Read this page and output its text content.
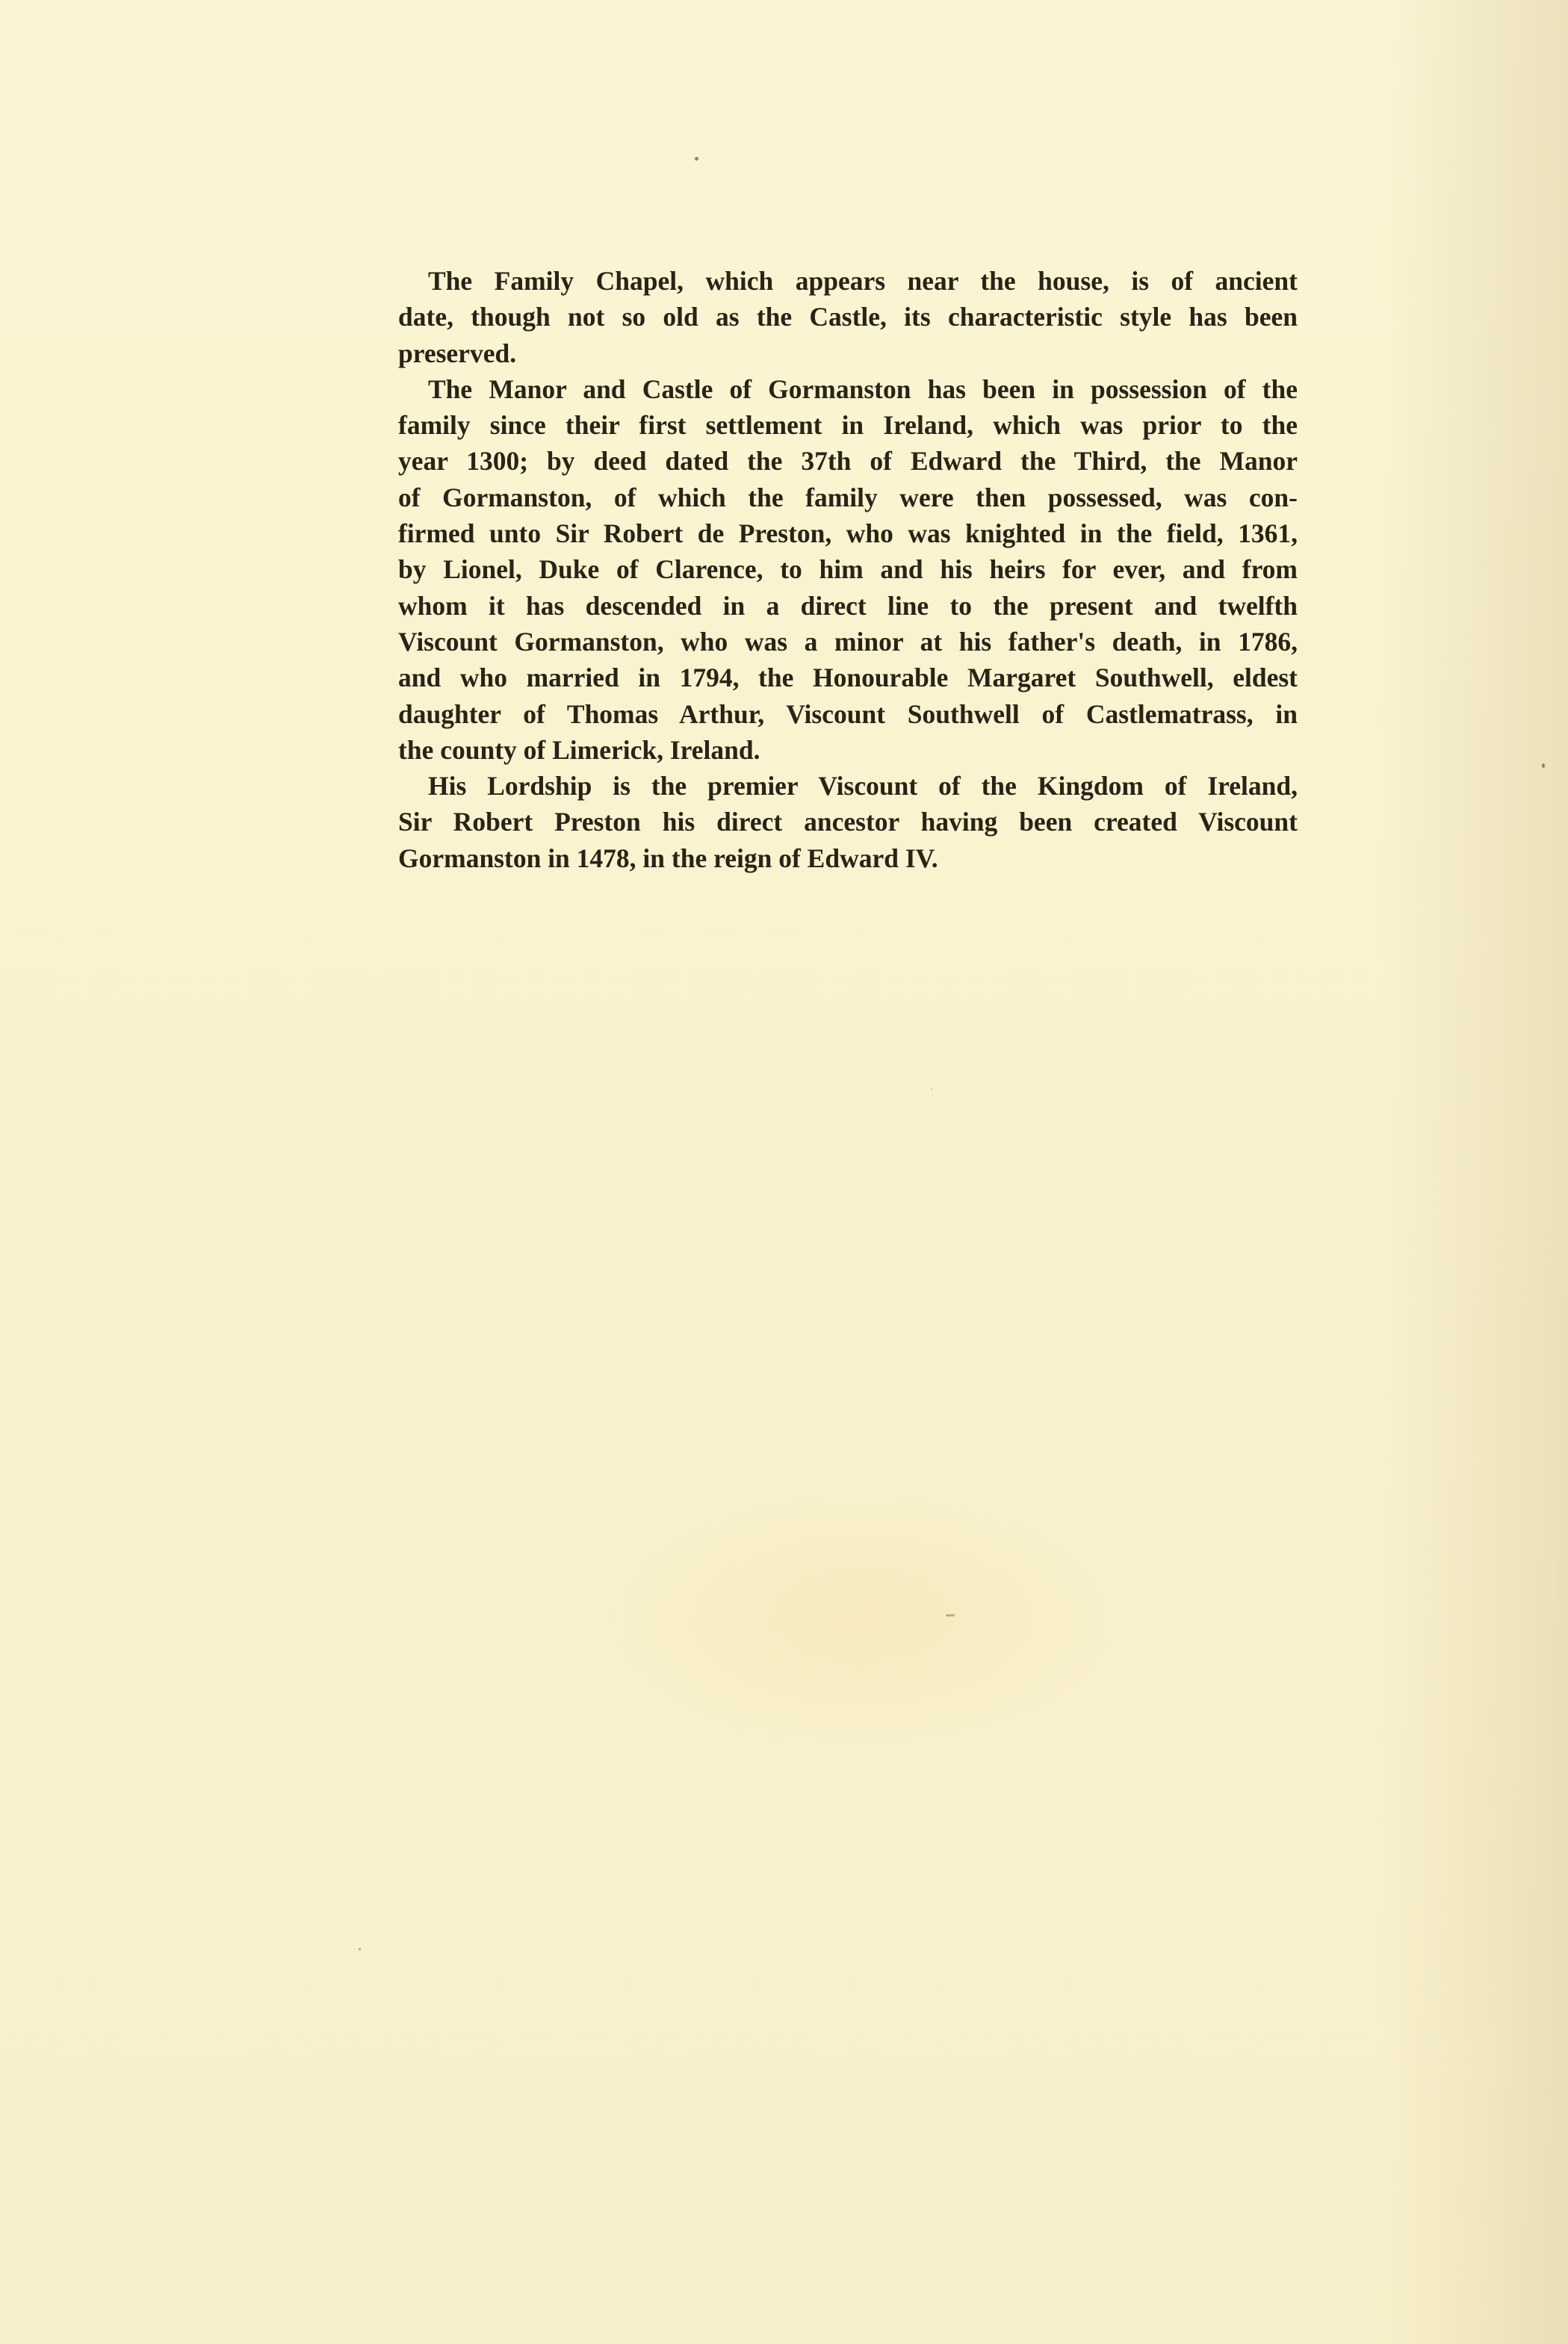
The Family Chapel, which appears near the house, is of ancient
date, though not so old as the Castle, its characteristic style has been
preserved.

The Manor and Castle of Gormanston has been in possession of the
family since their first settlement in Ireland, which was prior to the
year 1300; by deed dated the 37th of Edward the Third, the Manor
of Gormanston, of which the family were then possessed, was con-
firmed unto Sir Robert de Preston, who was knighted in the field, 1361,
by Lionel, Duke of Clarence, to him and his heirs for ever, and from
whom it has descended in a direct line to the present and twelfth
Viscount Gormanston, who was a minor at his father's death, in 1786,
and who married in 1794, the Honourable Margaret Southwell, eldest
daughter of Thomas Arthur, Viscount Southwell of Castlematrass, in
the county of Limerick, Ireland.

His Lordship is the premier Viscount of the Kingdom of Ireland,
Sir Robert Preston his direct ancestor having been created Viscount
Gormanston in 1478, in the reign of Edward IV.
